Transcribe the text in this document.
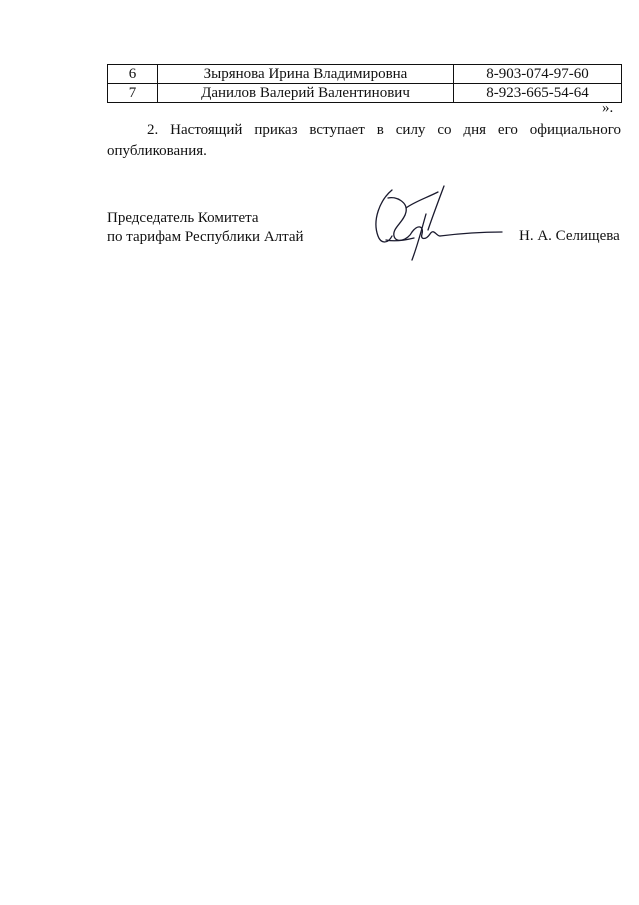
6	Зырянова Ирина Владимировна	8-903-074-97-60
7	Данилов Валерий Валентинович	8-923-665-54-64
».
2. Настоящий приказ вступает в силу со дня его официального
опубликования.
Председатель Комитета
по тарифам Республики Алтай	Н. А. Селищева
